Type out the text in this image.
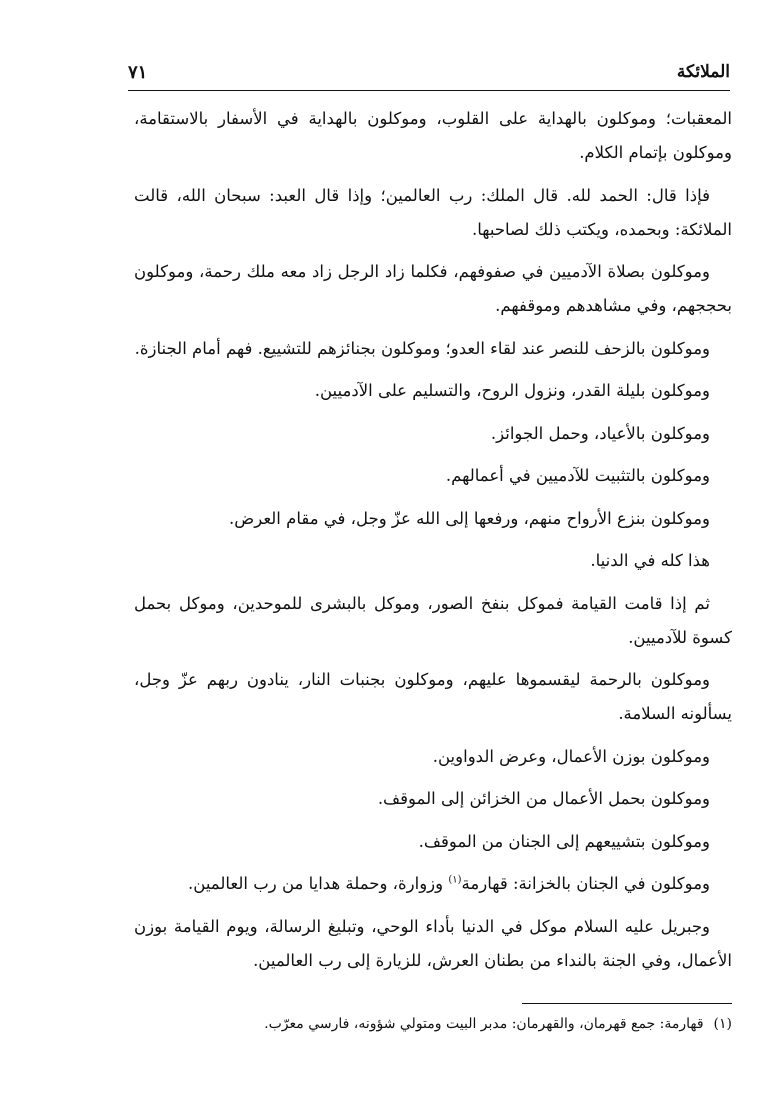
الملائكة
٧١

المعقبات؛ وموكلون بالهداية على القلوب، وموكلون بالهداية في الأسفار بالاستقامة، وموكلون بإتمام الكلام.

فإذا قال: الحمد لله. قال الملك: رب العالمين؛ وإذا قال العبد: سبحان الله، قالت الملائكة: وبحمده، ويكتب ذلك لصاحبها.

وموكلون بصلاة الآدميين في صفوفهم، فكلما زاد الرجل زاد معه ملك رحمة، وموكلون بحججهم، وفي مشاهدهم وموقفهم.

وموكلون بالزحف للنصر عند لقاء العدو؛ وموكلون بجنائزهم للتشييع. فهم أمام الجنازة.

وموكلون بليلة القدر، ونزول الروح، والتسليم على الآدميين.

وموكلون بالأعياد، وحمل الجوائز.

وموكلون بالتثبيت للآدميين في أعمالهم.

وموكلون بنزع الأرواح منهم، ورفعها إلى الله عزّ وجل، في مقام العرض.

هذا كله في الدنيا.

ثم إذا قامت القيامة فموكل بنفخ الصور، وموكل بالبشرى للموحدين، وموكل بحمل كسوة للآدميين.

وموكلون بالرحمة ليقسموها عليهم، وموكلون بجنبات النار، ينادون ربهم عزّ وجل، يسألونه السلامة.

وموكلون بوزن الأعمال، وعرض الدواوين.

وموكلون بحمل الأعمال من الخزائن إلى الموقف.

وموكلون بتشييعهم إلى الجنان من الموقف.

وموكلون في الجنان بالخزانة: قهارمة$^{(١)}$ وزوارة، وحملة هدايا من رب العالمين.

وجبريل عليه السلام موكل في الدنيا بأداء الوحي، وتبليغ الرسالة، ويوم القيامة بوزن الأعمال، وفي الجنة بالنداء من بطنان العرش، للزيارة إلى رب العالمين.

(١)قهارمة: جمع قهرمان، والقهرمان: مدبر البيت ومتولي شؤونه، فارسي معرّب.
